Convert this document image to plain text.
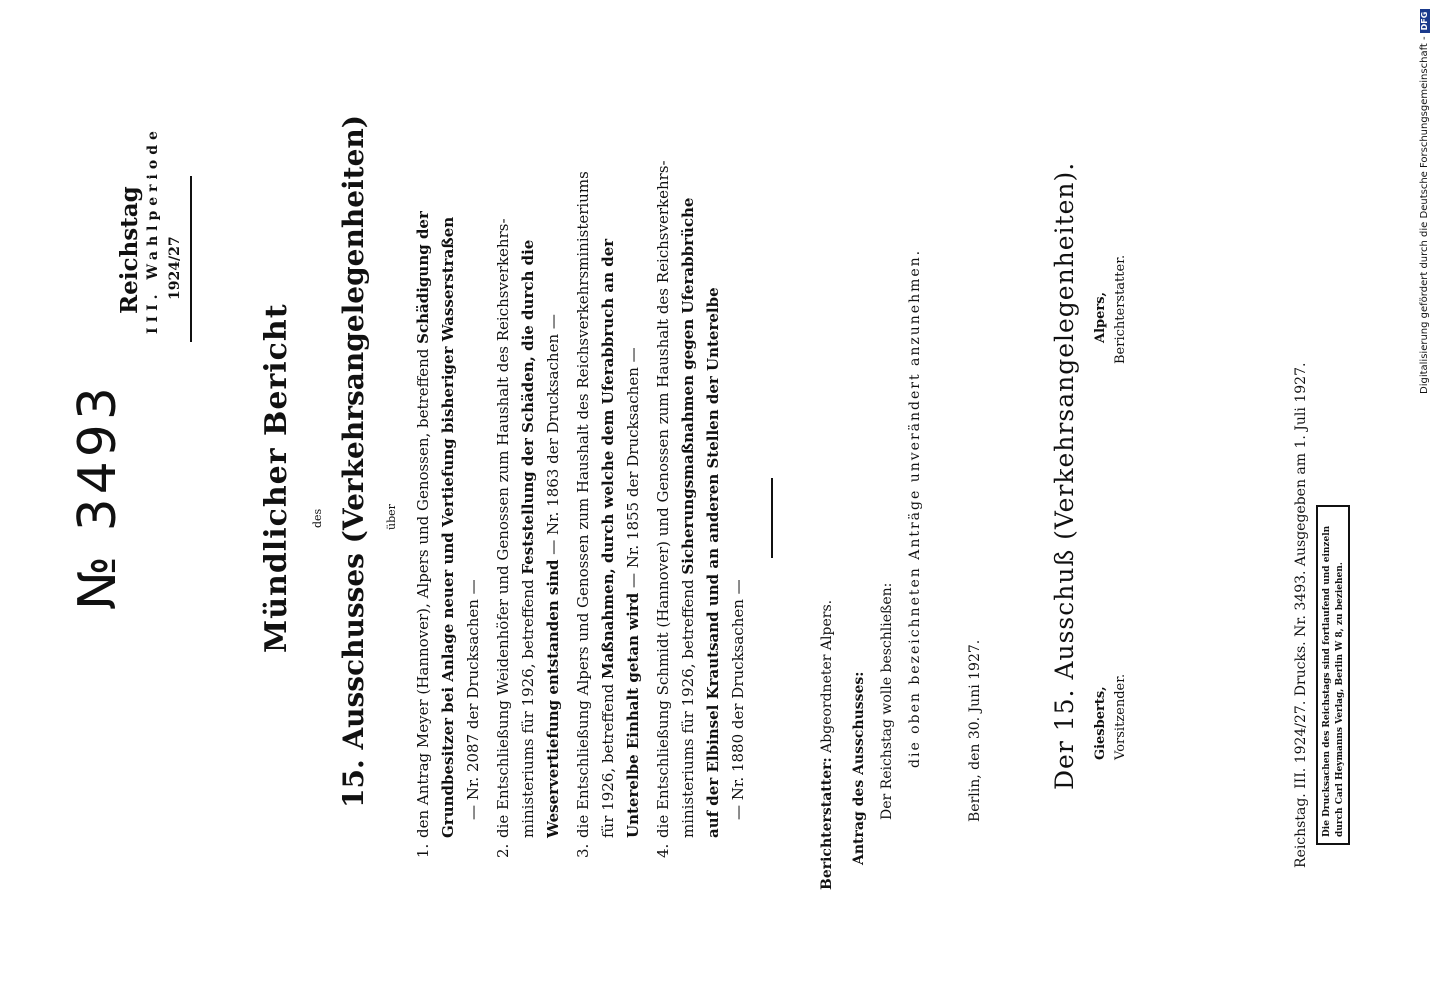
№ 3493
Reichstag III. Wahlperiode 1924/27
Mündlicher Bericht des 15. Ausschusses (Verkehrsangelegenheiten) über
1.
den Antrag Meyer (Hannover), Alpers und Genossen, betreffend Schädigung der Grundbesitzer bei Anlage neuer und Vertiefung bisheriger Wasserstraßen — Nr. 2087 der Drucksachen —
2.
die Entschließung Weidenhöfer und Genossen zum Haushalt des Reichsverkehrs- ministeriums für 1926, betreffend Feststellung der Schäden, die durch die
Weservertiefung entstanden sind — Nr. 1863 der Drucksachen —
3.
die Entschließung Alpers und Genossen zum Haushalt des Reichsverkehrsministeriums für 1926, betreffend Maßnahmen, durch welche dem Uferabbruch an der
Unterelbe Einhalt getan wird — Nr. 1855 der Drucksachen —
4.
die Entschließung Schmidt (Hannover) und Genossen zum Haushalt des Reichsverkehrs- ministeriums für 1926, betreffend Sicherungsmaßnahmen gegen Uferabbrüche auf der Elbinsel Krautsand und an anderen Stellen der Unterelbe — Nr. 1880 der Drucksachen —
Berichterstatter: Abgeordneter Alpers. Antrag des Ausschusses: Der Reichstag wolle beschließen: die oben bezeichneten Anträge unverändert anzunehmen.	Berlin, den 30. Juni 1927.	Der 15. Ausschuß (Verkehrsangelegenheiten). Giesberts, Vorsitzender.
Alpers, Berichterstatter.
Reichstag. III. 1924/27. Drucks. Nr. 3493. Ausgegeben am 1. Juli 1927. Die Drucksachen des Reichstags sind fortlaufend und einzeln durch Carl Heymanns Verlag, Berlin W 8, zu beziehen.
Digitalisierung gefördert durch die Deutsche Forschungsgemeinschaft -DFG
